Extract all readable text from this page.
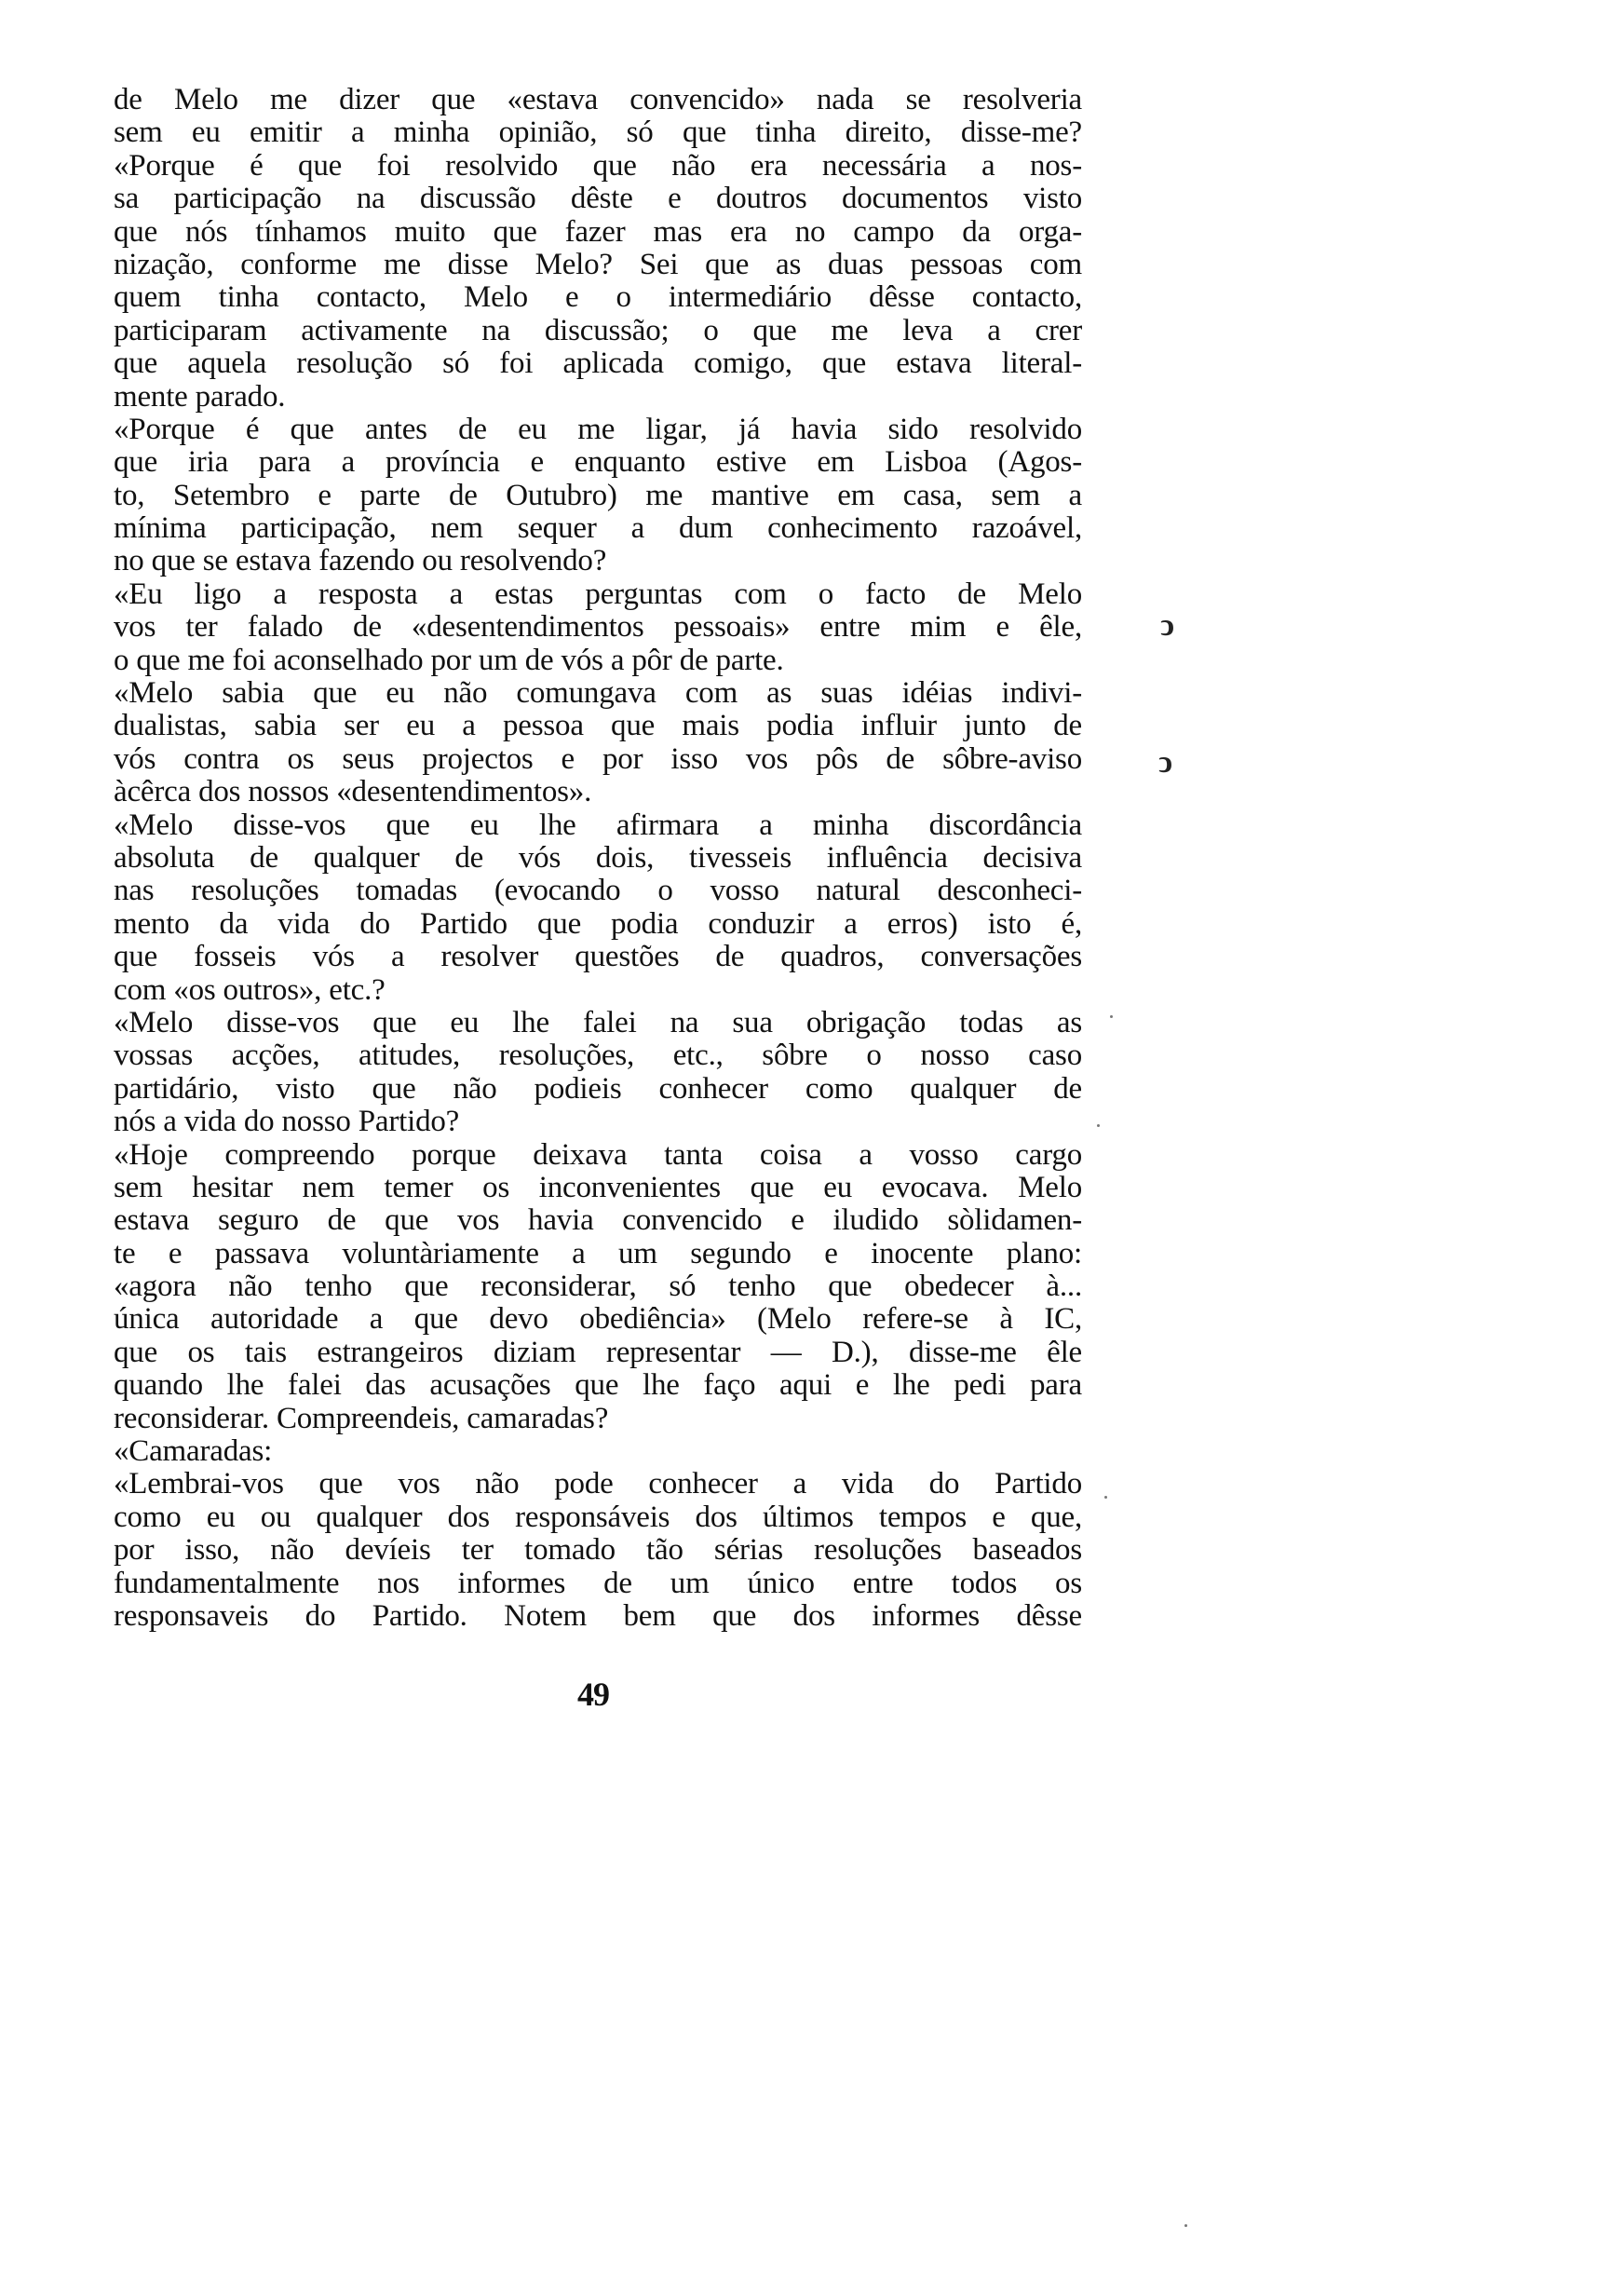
de Melo me dizer que «estava convencido» nada se resolveria
sem eu emitir a minha opinião, só que tinha direito, disse-me?
«Porque é que foi resolvido que não era necessária a nos-
sa participação na discussão dêste e doutros documentos visto
que nós tínhamos muito que fazer mas era no campo da orga-
nização, conforme me disse Melo? Sei que as duas pessoas com
quem tinha contacto, Melo e o intermediário dêsse contacto,
participaram activamente na discussão; o que me leva a crer
que aquela resolução só foi aplicada comigo, que estava literal-
mente parado.
«Porque é que antes de eu me ligar, já havia sido resolvido
que iria para a província e enquanto estive em Lisboa (Agos-
to, Setembro e parte de Outubro) me mantive em casa, sem a
mínima participação, nem sequer a dum conhecimento razoável,
no que se estava fazendo ou resolvendo?
«Eu ligo a resposta a estas perguntas com o facto de Melo
vos ter falado de «desentendimentos pessoais» entre mim e êle,
o que me foi aconselhado por um de vós a pôr de parte.
«Melo sabia que eu não comungava com as suas idéias indivi-
dualistas, sabia ser eu a pessoa que mais podia influir junto de
vós contra os seus projectos e por isso vos pôs de sôbre-aviso
àcêrca dos nossos «desentendimentos».
«Melo disse-vos que eu lhe afirmara a minha discordância
absoluta de qualquer de vós dois, tivesseis influência decisiva
nas resoluções tomadas (evocando o vosso natural desconheci-
mento da vida do Partido que podia conduzir a erros) isto é,
que fosseis vós a resolver questões de quadros, conversações
com «os outros», etc.?
«Melo disse-vos que eu lhe falei na sua obrigação todas as
vossas acções, atitudes, resoluções, etc., sôbre o nosso caso
partidário, visto que não podieis conhecer como qualquer de
nós a vida do nosso Partido?
«Hoje compreendo porque deixava tanta coisa a vosso cargo
sem hesitar nem temer os inconvenientes que eu evocava. Melo
estava seguro de que vos havia convencido e iludido sòlidamen-
te e passava voluntàriamente a um segundo e inocente plano:
«agora não tenho que reconsiderar, só tenho que obedecer à...
única autoridade a que devo obediência» (Melo refere-se à IC,
que os tais estrangeiros diziam representar — D.), disse-me êle
quando lhe falei das acusações que lhe faço aqui e lhe pedi para
reconsiderar. Compreendeis, camaradas?
«Camaradas:
«Lembrai-vos que vos não pode conhecer a vida do Partido
como eu ou qualquer dos responsáveis dos últimos tempos e que,
por isso, não devíeis ter tomado tão sérias resoluções baseados
fundamentalmente nos informes de um único entre todos os
responsaveis do Partido. Notem bem que dos informes dêsse
49
ↄ
ↄ
